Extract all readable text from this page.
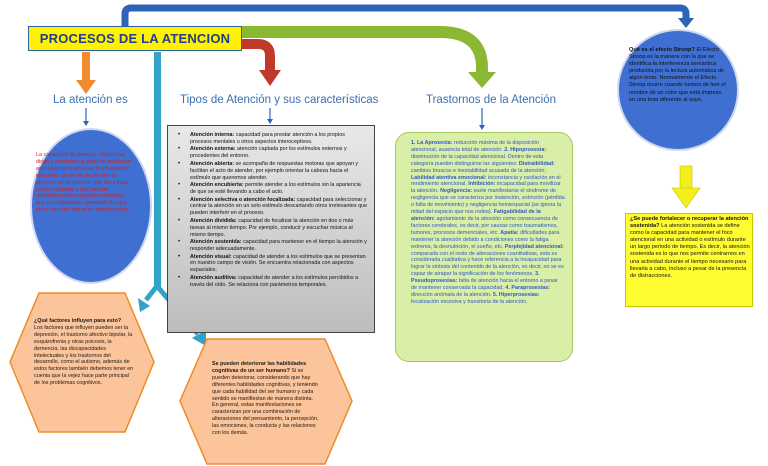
PROCESOS DE LA ATENCION
La atención es	Tipos de Atención y sus características	Trastornos de la Atención
La capacidad de generar, seleccionar, dirigir y mantener un nivel de activación adecuado para procesar la información relevante. Dicho de otra forma, la atención es un proceso que tiene lugar a nivel cognitivo y que permite orientarnos hacia aquellos estímulos que son relevantes, ignorando los que no lo son para actuar en consecuencia.
¿Qué factores influyen para esto?
Los factores que influyen pueden ser la depresión, el trastorno afectivo bipolar, la esquizofrenia y otras psicosis, la demencia, las discapacidades intelectuales y los trastornos del desarrollo, como el autismo, además de estos factores también debemos tener en cuenta que la vejez hace parte principal de los problemas cognitivos.
Se pueden deteriorar las habilidades cognitivas de un ser humano? Si se pueden deteriorar, considerando que hay diferentes habilidades cognitivas, y teniendo que cada habilidad del ser humano y cada sentido se manifiestan de manera distinta. En general, estas manifestaciones se caracterizan por una combinación de alteraciones del pensamiento, la percepción, las emociones, la conducta y las relaciones con los demás.
• Atención interna: capacidad para prestar atención a los propios procesos mentales u otros aspectos interoceptivos.
• Atención externa: atención captada por los estímulos externos y procedentes del entorno.
• Atención abierta: se acompaña de respuestas motoras que apoyan y facilitan el acto de atender, por ejemplo orientar la cabeza hacia el estímulo que queremos atender.
• Atención encubierta: permite atender a los estímulos sin la apariencia de que se esté llevando a cabo el acto.
• Atención selectiva o atención focalizada: capacidad para seleccionar y centrar la atención en un solo estímulo descartando otros irrelevantes que pueden interferir en el proceso.
• Atención dividida: capacidad de focalizar la atención en dos o más tareas al mismo tiempo. Por ejemplo, conducir y escuchar música al mismo tiempo.
• Atención sostenida: capacidad para mantener en el tiempo la atención y responder adecuadamente.
• Atención visual: capacidad de atender a los estímulos que se presentan en nuestro campo de visión. Se encuentra relacionada con aspectos espaciales.
• Atención auditiva: capacidad de atender a los estímulos percibidos a través del oído. Se relaciona con parámetros temporales.
1. La Aprosexia: reducción máxima de la disposición atencional, ausencia total de atención. 2. Hipoprosexia: disminución de la capacidad atencional. Dentro de esta categoría pueden distinguirse las siguientes: Distraibilidad: cambios bruscos e inestabilidad acusada de la atención; Labilidad atentiva emocional: inconstancia y oscilación en el rendimiento atencional. Inhibición: incapacidad para movilizar la atención. Negligencia: suele manifestarse el síndrome de negligencia que se caracteriza por inatención, extinción (pérdida o falta de movimiento) y negligencia hemiespacial (se ignora la mitad del espacio que nos rodea). Fatigabilidad de la atención: agotamiento de la atención como consecuencia de factores cerebrales, es decir, por causas como traumatismos, tumores, procesos demenciales, etc. Apatía: dificultades para mantener la atención debido a condiciones como la fatiga extrema, la desnutrición, el sueño, etc. Perplejidad atencional: comparada con el resto de alteraciones cuantitativas, esta es considerada cualitativa y hace referencia a la incapacidad para lograr la síntesis del contenido de la atención, es decir, no se es capaz de atrapar la significación de los fenómenos. 3. Pseudoprosexias: falta de atención hacia el entorno a pesar de mantener conservada la capacidad. 4. Paraprosexias: dirección anómala de la atención. 5. Hiperprosexias: focalización excesiva y transitoria de la atención.
Qué es el efecto Stroop? El Efecto Stroop es la manera con la que se identifica la interferencia semántica producida por la lectura automática de algún texto. Normalmente el Efecto Stroop ocurre cuando hemos de leer el nombre de un color que está impreso en una tinta diferente al suyo.
¿Se puede fortalecer o recuperar la atención sostenida? La atención sostenida se define como la capacidad para mantener el foco atencional en una actividad o estímulo durante un largo periodo de tiempo. Es decir, la atención sostenida es lo que nos permite centrarnos en una actividad durante el tiempo necesario para llevarla a cabo, incluso a pesar de la presencia de distracciones.
